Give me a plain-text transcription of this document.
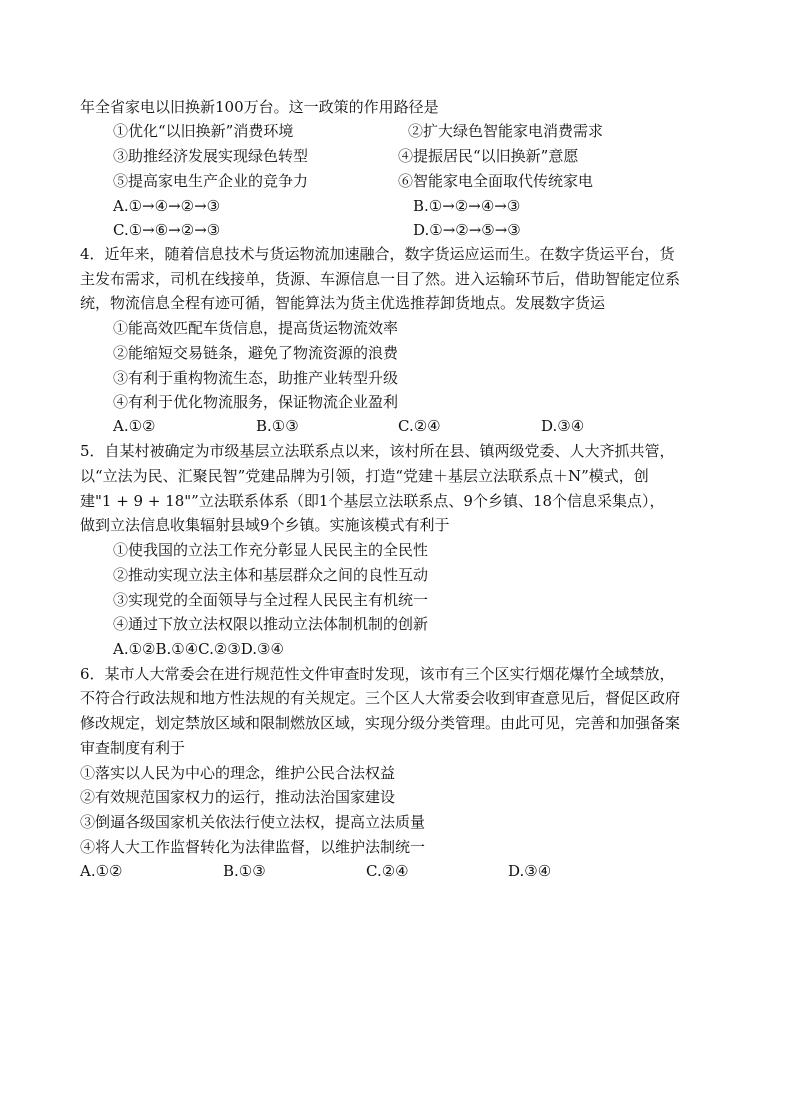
年全省家电以旧换新100万台。这一政策的作用路径是
①优化“以旧换新”消费环境	②扩大绿色智能家电消费需求
③助推经济发展实现绿色转型	④提振居民“以旧换新”意愿
⑤提高家电生产企业的竞争力	⑥智能家电全面取代传统家电
A.①→④→②→③	B.①→②→④→③
C.①→⑥→②→③	D.①→②→⑤→③
4．近年来，随着信息技术与货运物流加速融合，数字货运应运而生。在数字货运平台，货
主发布需求，司机在线接单，货源、车源信息一目了然。进入运输环节后，借助智能定位系
统，物流信息全程有迹可循，智能算法为货主优选推荐卸货地点。发展数字货运
①能高效匹配车货信息，提高货运物流效率
②能缩短交易链条，避免了物流资源的浪费
③有利于重构物流生态，助推产业转型升级
④有利于优化物流服务，保证物流企业盈利
A.①②	B.①③	C.②④	D.③④
5．自某村被确定为市级基层立法联系点以来，该村所在县、镇两级党委、人大齐抓共管，
以“立法为民、汇聚民智”党建品牌为引领，打造“党建＋基层立法联系点＋N”模式，创
建"1 + 9 + 18"”立法联系体系（即1个基层立法联系点、9个乡镇、18个信息采集点），
做到立法信息收集辐射县域9个乡镇。实施该模式有利于
①使我国的立法工作充分彰显人民民主的全民性
②推动实现立法主体和基层群众之间的良性互动
③实现党的全面领导与全过程人民民主有机统一
④通过下放立法权限以推动立法体制机制的创新
A.①②B.①④C.②③D.③④
6．某市人大常委会在进行规范性文件审查时发现，该市有三个区实行烟花爆竹全域禁放，
不符合行政法规和地方性法规的有关规定。三个区人大常委会收到审查意见后，督促区政府
修改规定，划定禁放区域和限制燃放区域，实现分级分类管理。由此可见，完善和加强备案
审查制度有利于
①落实以人民为中心的理念，维护公民合法权益
②有效规范国家权力的运行，推动法治国家建设
③倒逼各级国家机关依法行使立法权，提高立法质量
④将人大工作监督转化为法律监督，以维护法制统一
A.①②	B.①③	C.②④	D.③④
